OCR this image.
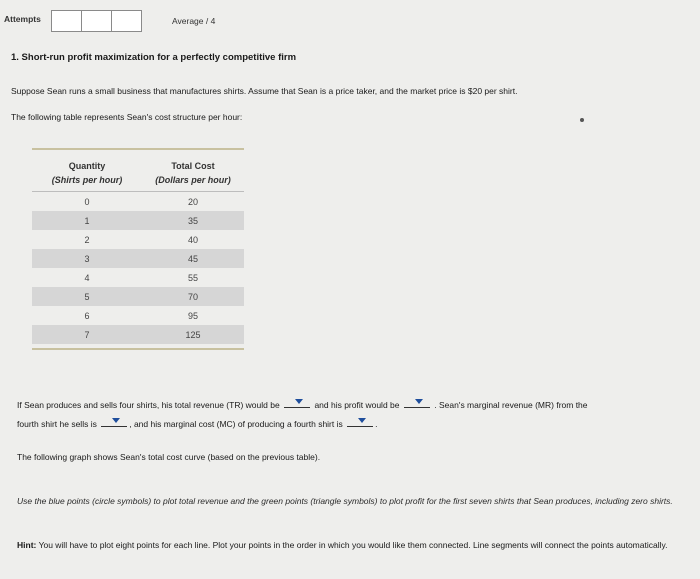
Attempts	Average / 4
1. Short-run profit maximization for a perfectly competitive firm
Suppose Sean runs a small business that manufactures shirts. Assume that Sean is a price taker, and the market price is $20 per shirt.
The following table represents Sean's cost structure per hour:
Quantity
(Shirts per hour)
Total Cost
(Dollars per hour)
0	20
1	35
2	40
3	45
4	55
5	70
6	95
7	125
If Sean produces and sells four shirts, his total revenue (TR) would be	and his profit would be	. Sean's marginal revenue (MR) from the
fourth shirt he sells is	, and his marginal cost (MC) of producing a fourth shirt is	.
The following graph shows Sean's total cost curve (based on the previous table).
Use the blue points (circle symbols) to plot total revenue and the green points (triangle symbols) to plot profit for the first seven shirts that Sean produces, including zero shirts.
Hint: You will have to plot eight points for each line. Plot your points in the order in which you would like them connected. Line segments will connect the points automatically.
